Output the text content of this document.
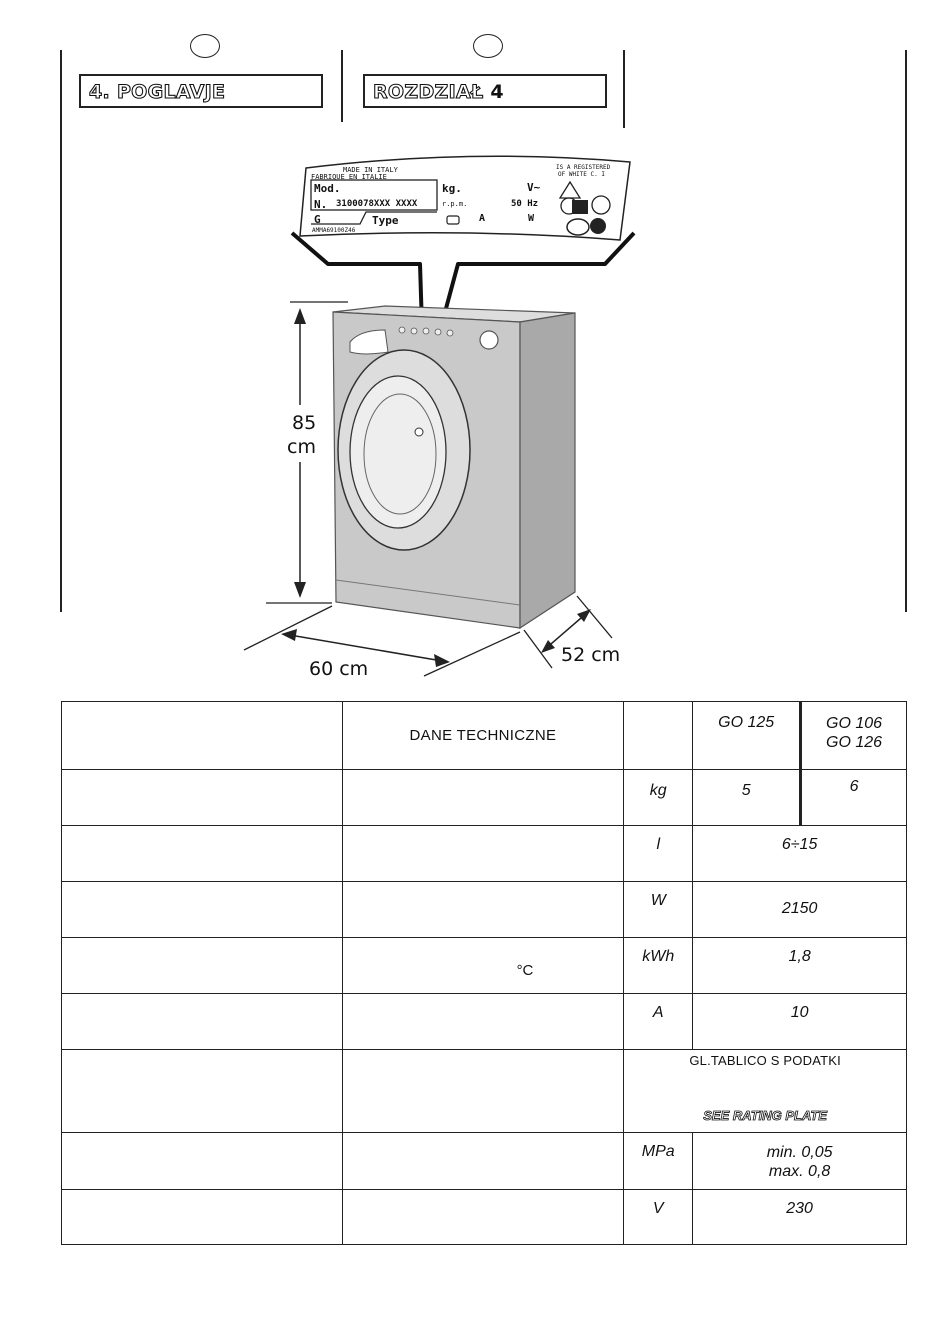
4. POGLAVJE	ROZDZIAŁ 4
MADE IN ITALY
FABRIQUE EN ITALIE
IS A REGISTERED
OF WHITE C. I
Mod.	kg.	V~
N. 3100078XXX XXXX	r.p.m.	50 Hz
G	Type	A	W
AMMA69100Z46
85
cm
60 cm
52 cm
	DANE TECHNICZNE		GO 125	GO 106
GO 126

		kg	5	6
		l	6÷15	
		W	2150	

	°C	kWh	1,8	
		A	10	

		GL.TABLICO S PODATKI
SEE RATING PLATE		

		MPa	min. 0,05
max. 0,8	

		V	230	
